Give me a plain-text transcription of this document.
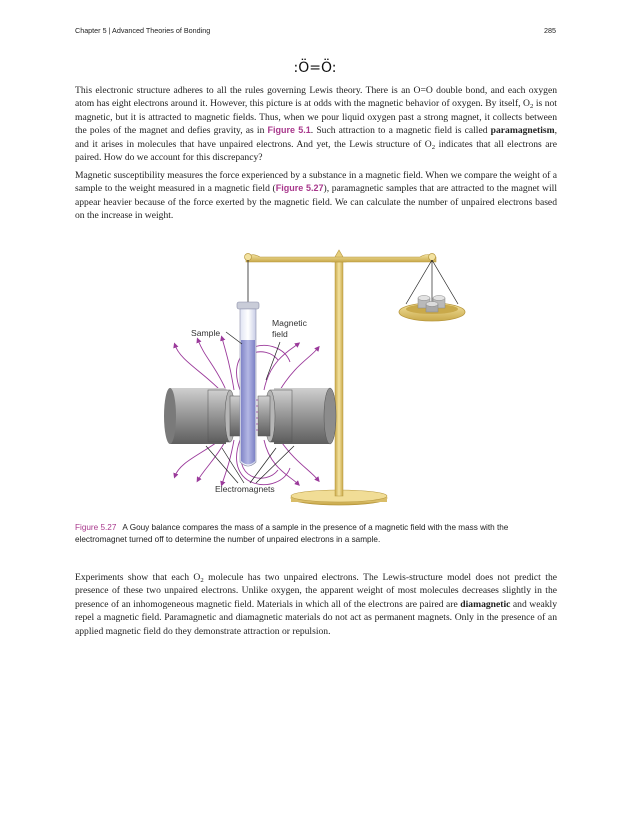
Chapter 5 | Advanced Theories of Bonding	285
:Ö=Ö:

This electronic structure adheres to all the rules governing Lewis theory. There is an O=O double bond, and each oxygen atom has eight electrons around it. However, this picture is at odds with the magnetic behavior of oxygen. By itself, $O_2$ is not magnetic, but it is attracted to magnetic fields. Thus, when we pour liquid oxygen past a strong magnet, it collects between the poles of the magnet and defies gravity, as in Figure 5.1. Such attraction to a magnetic field is called paramagnetism, and it arises in molecules that have unpaired electrons. And yet, the Lewis structure of $O_2$ indicates that all electrons are paired. How do we account for this discrepancy?

Magnetic susceptibility measures the force experienced by a substance in a magnetic field. When we compare the weight of a sample to the weight measured in a magnetic field (Figure 5.27), paramagnetic samples that are attracted to the magnet will appear heavier because of the force exerted by the magnetic field. We can calculate the number of unpaired electrons based on the increase in weight.

Sample
Magnetic
field
Electromagnets
Figure 5.27 A Gouy balance compares the mass of a sample in the presence of a magnetic field with the mass with the electromagnet turned off to determine the number of unpaired electrons in a sample.

Experiments show that each $O_2$ molecule has two unpaired electrons. The Lewis-structure model does not predict the presence of these two unpaired electrons. Unlike oxygen, the apparent weight of most molecules decreases slightly in the presence of an inhomogeneous magnetic field. Materials in which all of the electrons are paired are diamagnetic and weakly repel a magnetic field. Paramagnetic and diamagnetic materials do not act as permanent magnets. Only in the presence of an applied magnetic field do they demonstrate attraction or repulsion.
